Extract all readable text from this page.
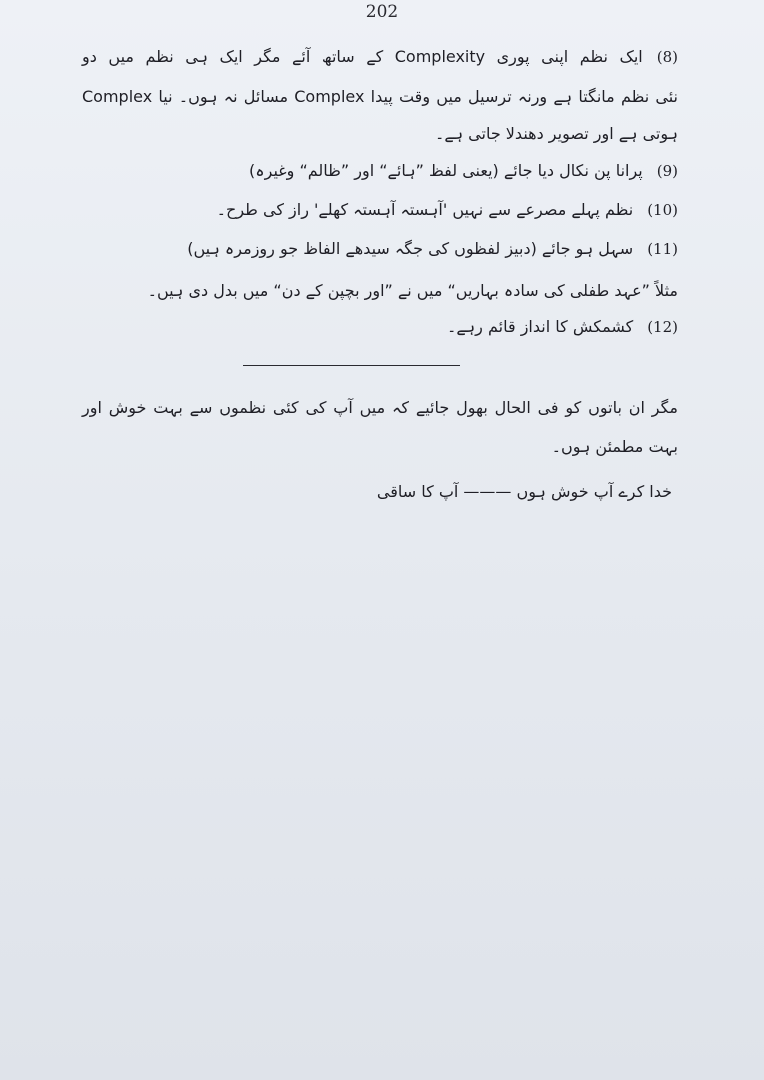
202
(8)ایک نظم اپنی پوری Complexity کے ساتھ آئے مگر ایک ہی نظم میں دو
Complex مسائل نہ ہوں۔ نیا Complex نئی نظم مانگتا ہے ورنہ ترسیل میں وقت پیدا
ہوتی ہے اور تصویر دھندلا جاتی ہے۔
(9)پرانا پن نکال دیا جائے (یعنی لفظ ”ہائے“ اور ”ظالم“ وغیرہ)
(10)نظم پہلے مصرعے سے نہیں 'آہستہ آہستہ کھلے' راز کی طرح۔
(11)سہل ہو جائے (دبیز لفظوں کی جگہ سیدھے الفاظ جو روزمرہ ہیں)
مثلاً ”عہد طفلی کی سادہ بہاریں“ میں نے ”اور بچپن کے دن“ میں بدل دی ہیں۔
(12)کشمکش کا انداز قائم رہے۔
مگر ان باتوں کو فی الحال بھول جائیے کہ میں آپ کی کئی نظموں سے بہت خوش اور
بہت مطمئن ہوں۔
خدا کرے آپ خوش ہوں ——— آپ کا ساقی
